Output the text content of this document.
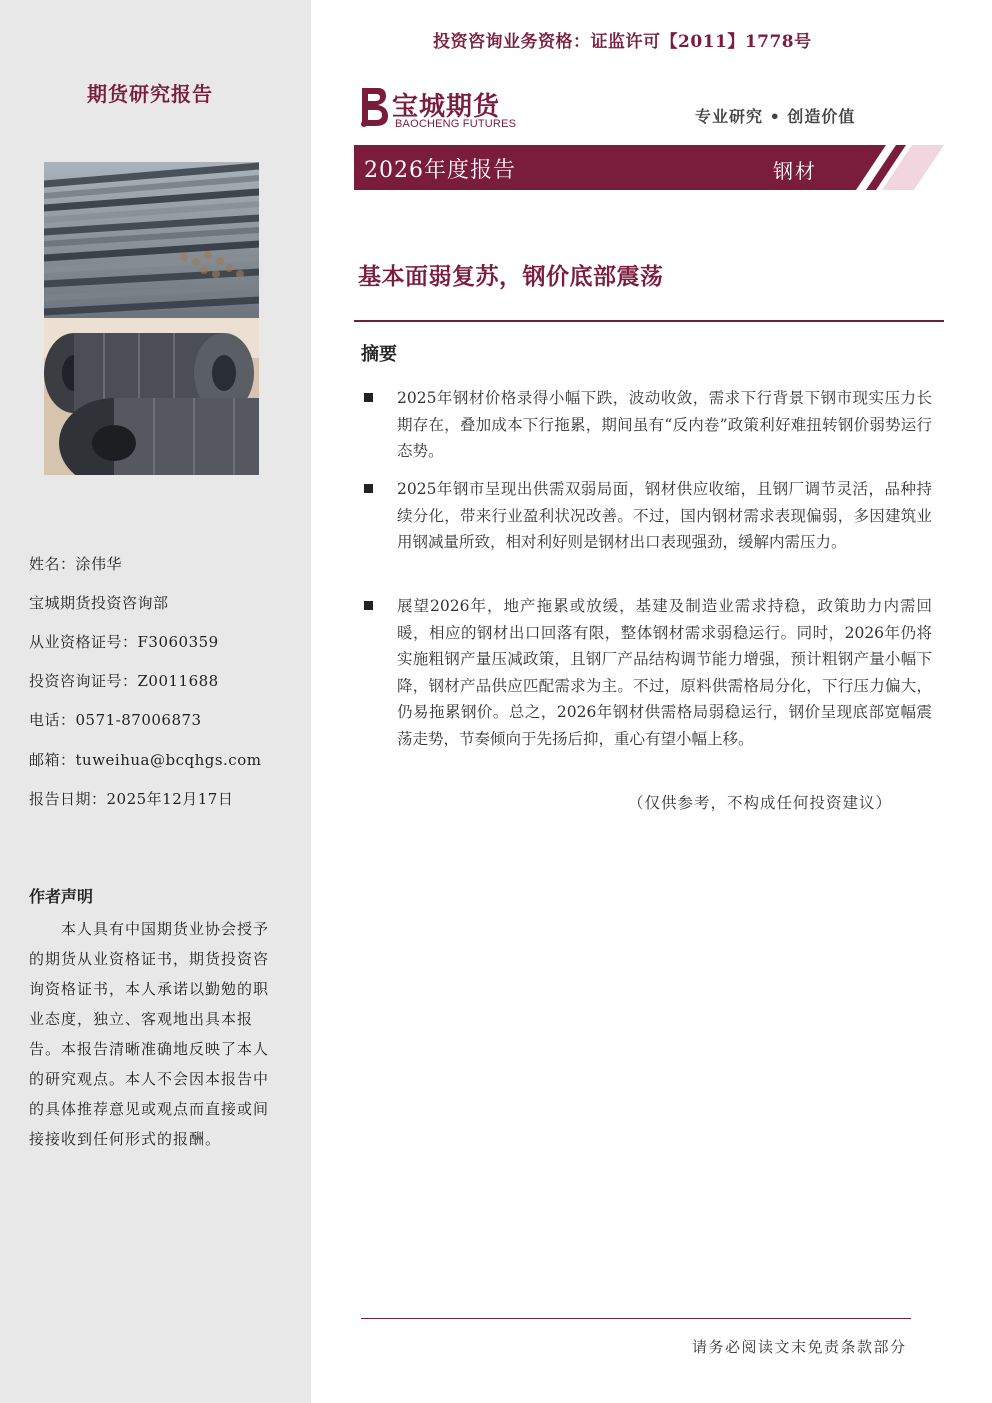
期货研究报告
姓名：涂伟华
宝城期货投资咨询部
从业资格证号：F3060359
投资咨询证号：Z0011688
电话：0571-87006873
邮箱：tuweihua@bcqhgs.com
报告日期：2025年12月17日
作者声明
本人具有中国期货业协会授予的期货从业资格证书，期货投资咨询资格证书，本人承诺以勤勉的职业态度，独立、客观地出具本报告。本报告清晰准确地反映了本人的研究观点。本人不会因本报告中的具体推荐意见或观点而直接或间接接收到任何形式的报酬。
投资咨询业务资格：证监许可【2011】1778号
宝城期货
BAOCHENG FUTURES	专业研究 • 创造价值
2026年度报告	钢材
基本面弱复苏，钢价底部震荡
摘要
2025年钢材价格录得小幅下跌，波动收敛，需求下行背景下钢市现实压力长期存在，叠加成本下行拖累，期间虽有“反内卷”政策利好难扭转钢价弱势运行态势。
2025年钢市呈现出供需双弱局面，钢材供应收缩，且钢厂调节灵活，品种持续分化，带来行业盈利状况改善。不过，国内钢材需求表现偏弱，多因建筑业用钢减量所致，相对利好则是钢材出口表现强劲，缓解内需压力。
展望2026年，地产拖累或放缓，基建及制造业需求持稳，政策助力内需回暖，相应的钢材出口回落有限，整体钢材需求弱稳运行。同时，2026年仍将实施粗钢产量压减政策，且钢厂产品结构调节能力增强，预计粗钢产量小幅下降，钢材产品供应匹配需求为主。不过，原料供需格局分化，下行压力偏大，仍易拖累钢价。总之，2026年钢材供需格局弱稳运行，钢价呈现底部宽幅震荡走势，节奏倾向于先扬后抑，重心有望小幅上移。
（仅供参考，不构成任何投资建议）
请务必阅读文末免责条款部分
